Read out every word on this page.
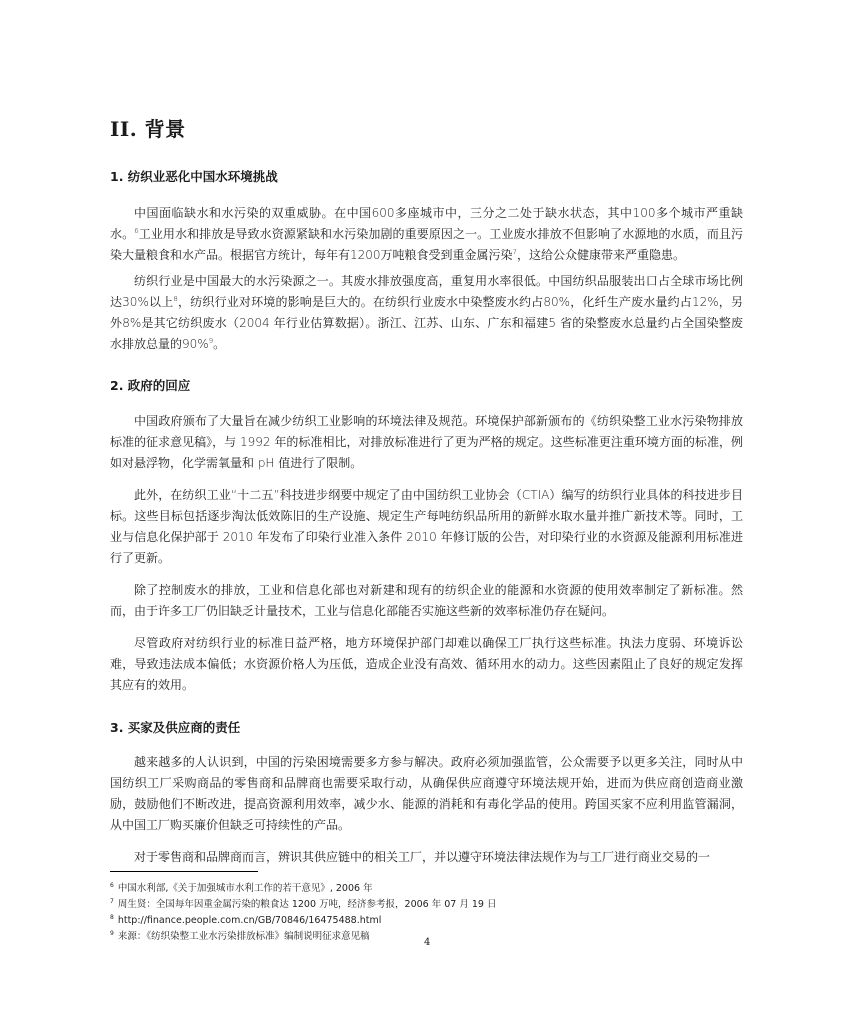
II. 背景
1. 纺织业恶化中国水环境挑战

中国面临缺水和水污染的双重威胁。在中国600多座城市中，三分之二处于缺水状态，其中100多个城市严重缺水。$^6$工业用水和排放是导致水资源紧缺和水污染加剧的重要原因之一。工业废水排放不但影响了水源地的水质，而且污染大量粮食和水产品。根据官方统计，每年有1200万吨粮食受到重金属污染$^7$，这给公众健康带来严重隐患。

纺织行业是中国最大的水污染源之一。其废水排放强度高，重复用水率很低。中国纺织品服装出口占全球市场比例达30%以上$^8$，纺织行业对环境的影响是巨大的。在纺织行业废水中染整废水约占80%，化纤生产废水量约占12%，另外8%是其它纺织废水（2004 年行业估算数据）。浙江、江苏、山东、广东和福建5 省的染整废水总量约占全国染整废水排放总量的90%$^9$。

2. 政府的回应

中国政府颁布了大量旨在减少纺织工业影响的环境法律及规范。环境保护部新颁布的《纺织染整工业水污染物排放标准的征求意见稿》，与 1992 年的标准相比，对排放标准进行了更为严格的规定。这些标准更注重环境方面的标准，例如对悬浮物，化学需氧量和 pH 值进行了限制。

此外，在纺织工业“十二五”科技进步纲要中规定了由中国纺织工业协会（CTIA）编写的纺织行业具体的科技进步目标。这些目标包括逐步淘汰低效陈旧的生产设施、规定生产每吨纺织品所用的新鲜水取水量并推广新技术等。同时，工业与信息化保护部于 2010 年发布了印染行业准入条件 2010 年修订版的公告，对印染行业的水资源及能源利用标准进行了更新。

除了控制废水的排放，工业和信息化部也对新建和现有的纺织企业的能源和水资源的使用效率制定了新标准。然而，由于许多工厂仍旧缺乏计量技术，工业与信息化部能否实施这些新的效率标准仍存在疑问。

尽管政府对纺织行业的标准日益严格，地方环境保护部门却难以确保工厂执行这些标准。执法力度弱、环境诉讼难，导致违法成本偏低；水资源价格人为压低，造成企业没有高效、循环用水的动力。这些因素阻止了良好的规定发挥其应有的效用。

3. 买家及供应商的责任

越来越多的人认识到，中国的污染困境需要多方参与解决。政府必须加强监管，公众需要予以更多关注，同时从中国纺织工厂采购商品的零售商和品牌商也需要采取行动，从确保供应商遵守环境法规开始，进而为供应商创造商业激励，鼓励他们不断改进，提高资源利用效率，减少水、能源的消耗和有毒化学品的使用。跨国买家不应利用监管漏洞，从中国工厂购买廉价但缺乏可持续性的产品。

对于零售商和品牌商而言，辨识其供应链中的相关工厂，并以遵守环境法律法规作为与工厂进行商业交易的一

$^6$ 中国水利部,《关于加强城市水利工作的若干意见》, 2006 年

$^7$ 周生贤：全国每年因重金属污染的粮食达 1200 万吨，经济参考报，2006 年 07 月 19 日

$^8$ http://finance.people.com.cn/GB/70846/16475488.html

$^9$ 来源：《纺织染整工业水污染排放标准》编制说明征求意见稿	4
